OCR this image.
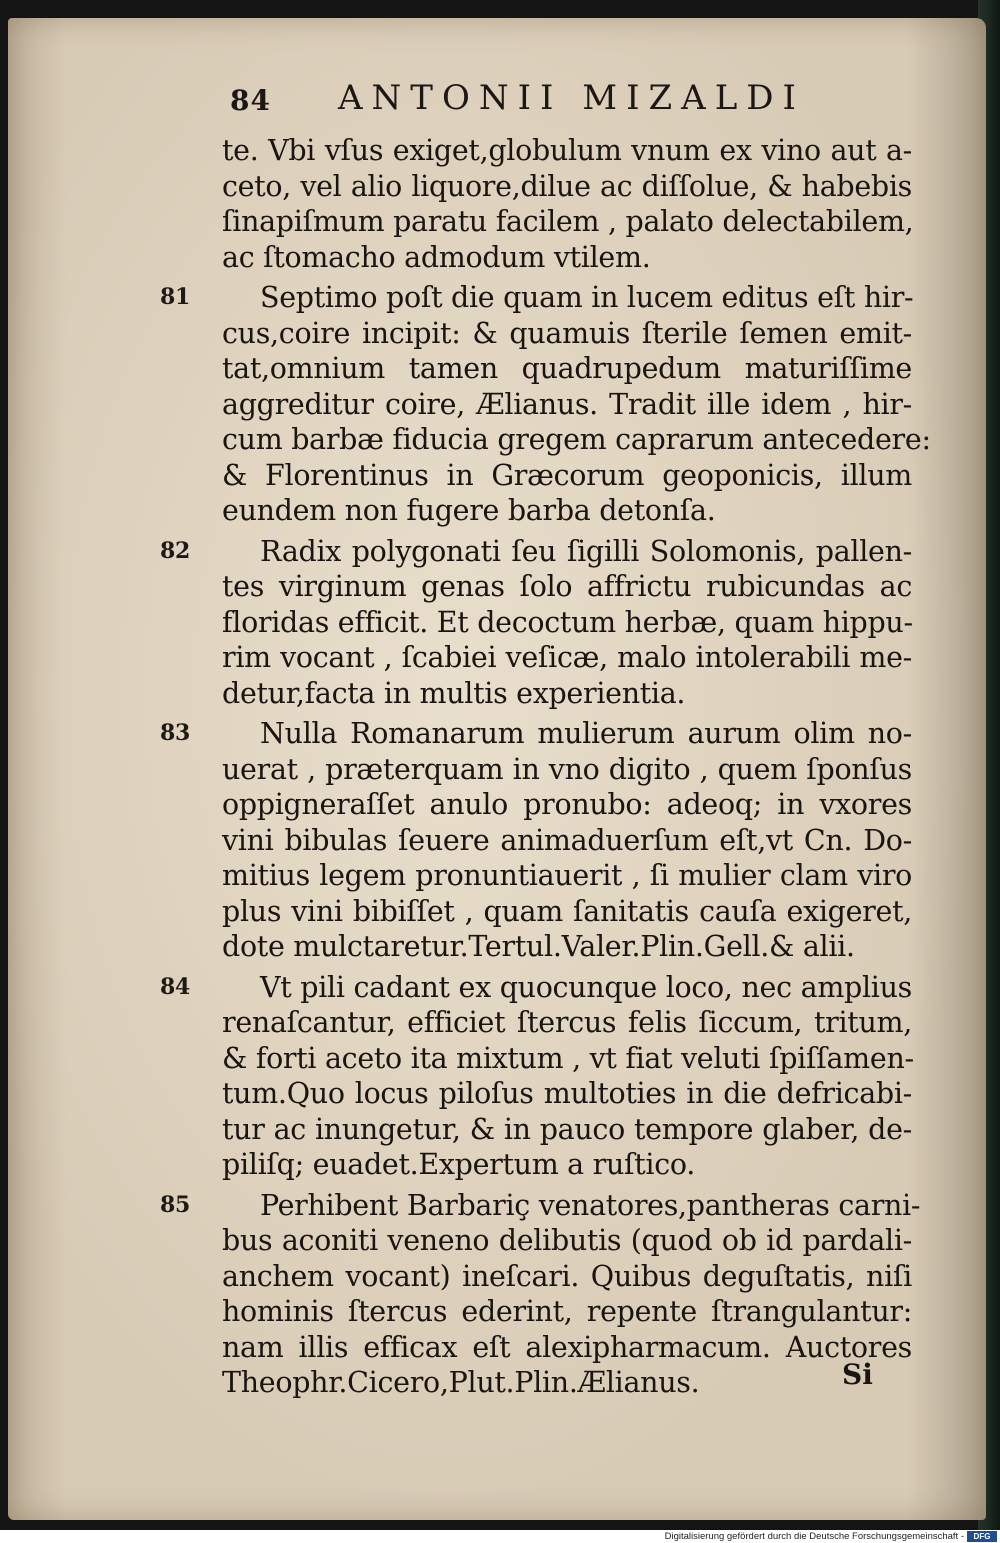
84 ANTONII MIZALDI
te. Vbi vſus exiget,globulum vnum ex vino aut a-
ceto, vel alio liquore,dilue ac diſſolue, & habebis
ſinapiſmum paratu facilem , palato delectabilem,
ac ſtomacho admodum vtilem.
81	Septimo poſt die quam in lucem editus eſt hir-
cus,coire incipit: & quamuis ſterile ſemen emit-
tat,omnium tamen quadrupedum maturiſſime
aggreditur coire, Ælianus. Tradit ille idem , hir-
cum barbæ fiducia gregem caprarum antecedere:
& Florentinus in Græcorum geoponicis, illum
eundem non fugere barba detonſa.
82	Radix polygonati ſeu ſigilli Solomonis, pallen-
tes virginum genas ſolo affrictu rubicundas ac
floridas efficit. Et decoctum herbæ, quam hippu-
rim vocant , ſcabiei veſicæ, malo intolerabili me-
detur,facta in multis experientia.
83	Nulla Romanarum mulierum aurum olim no-
uerat , præterquam in vno digito , quem ſponſus
oppigneraſſet anulo pronubo: adeoq; in vxores
vini bibulas ſeuere animaduerſum eſt,vt Cn. Do-
mitius legem pronuntiauerit , ſi mulier clam viro
plus vini bibiſſet , quam ſanitatis cauſa exigeret,
dote mulctaretur.Tertul.Valer.Plin.Gell.& alii.
84	Vt pili cadant ex quocunque loco, nec amplius
renaſcantur, efficiet ſtercus felis ſiccum, tritum,
& forti aceto ita mixtum , vt fiat veluti ſpiſſamen-
tum.Quo locus piloſus multoties in die defricabi-
tur ac inungetur, & in pauco tempore glaber, de-
piliſq; euadet.Expertum a ruſtico.
85	Perhibent Barbariç venatores,pantheras carni-
bus aconiti veneno delibutis (quod ob id pardali-
anchem vocant) ineſcari. Quibus deguſtatis, niſi
hominis ſtercus ederint, repente ſtrangulantur:
nam illis efficax eſt alexipharmacum. Auctores
Theophr.Cicero,Plut.Plin.Ælianus.	Si
Digitalisierung gefördert durch die Deutsche Forschungsgemeinschaft -	DFG
